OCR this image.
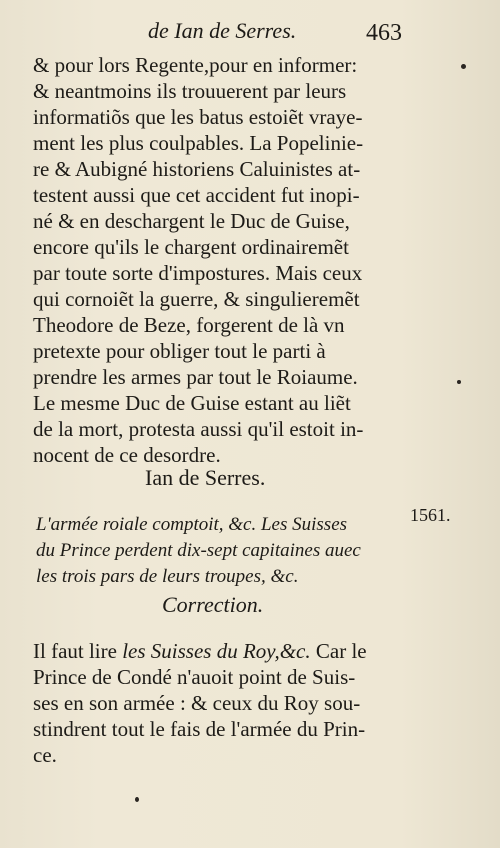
de Ian de Serres.	463
& pour lors Regente,pour en informer:
& neantmoins ils trouuerent par leurs
informatiõs que les batus estoiẽt vraye-
ment les plus coulpables. La Popelinie-
re & Aubigné historiens Caluinistes at-
testent aussi que cet accident fut inopi-
né & en deschargent le Duc de Guise,
encore qu'ils le chargent ordinairemẽt
par toute sorte d'impostures. Mais ceux
qui cornoiẽt la guerre, & singulieremẽt
Theodore de Beze, forgerent de là vn
pretexte pour obliger tout le parti à
prendre les armes par tout le Roiaume.
Le mesme Duc de Guise estant au liẽt
de la mort, protesta aussi qu'il estoit in-
nocent de ce desordre.
Ian de Serres.
1561.
L'armée roiale comptoit, &c. Les Suisses
du Prince perdent dix-sept capitaines auec
les trois pars de leurs troupes, &c.
Correction.
Il faut lire les Suisses du Roy,&c. Car le
Prince de Condé n'auoit point de Suis-
ses en son armée : & ceux du Roy sou-
stindrent tout le fais de l'armée du Prin-
ce.
